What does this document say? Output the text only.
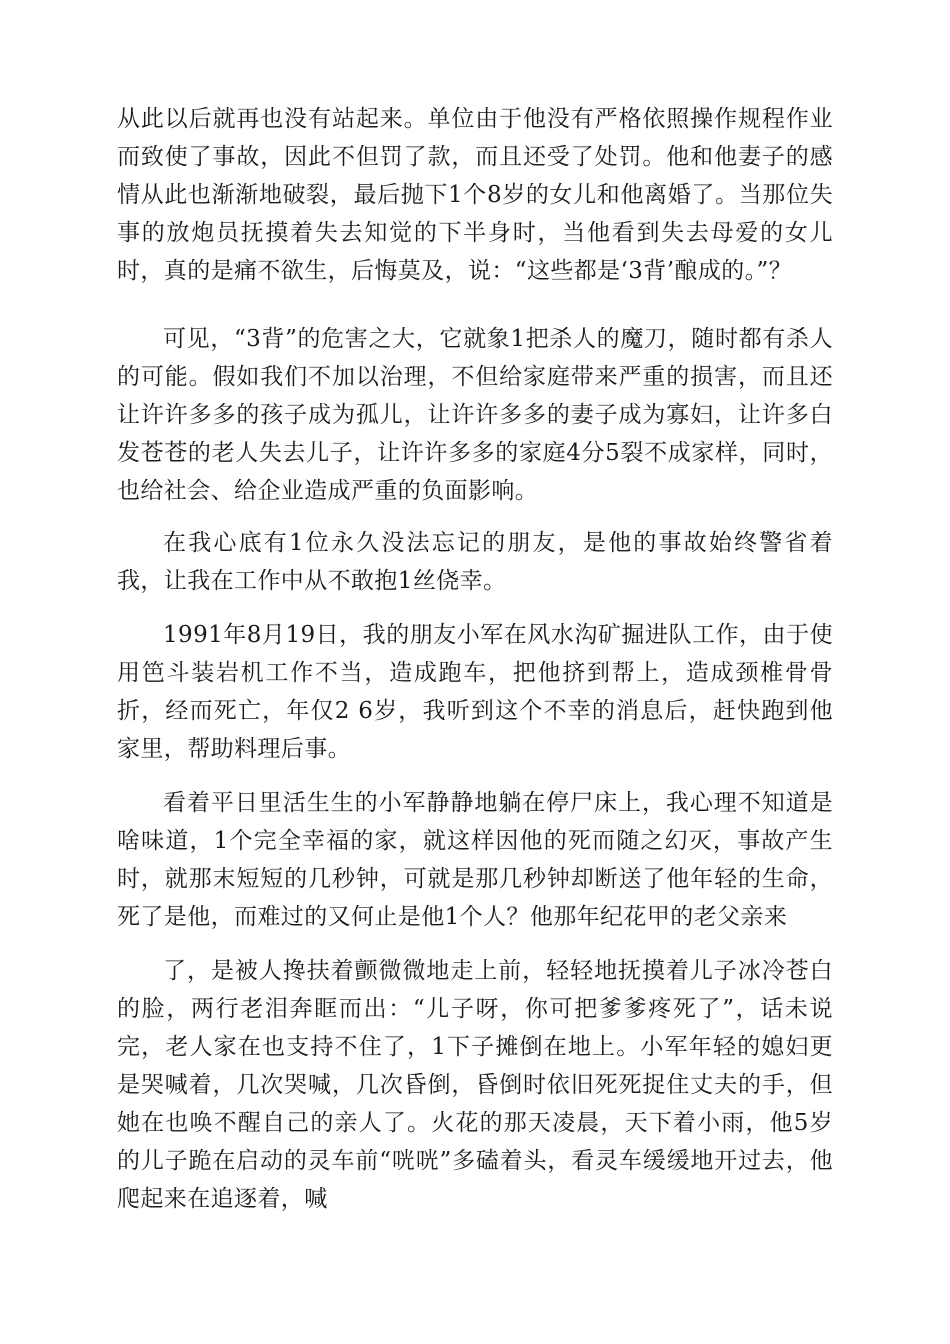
从此以后就再也没有站起来。单位由于他没有严格依照操作规程作业而致使了事故，因此不但罚了款，而且还受了处罚。他和他妻子的感情从此也渐渐地破裂，最后抛下1个8岁的女儿和他离婚了。当那位失事的放炮员抚摸着失去知觉的下半身时，当他看到失去母爱的女儿时，真的是痛不欲生，后悔莫及，说：“这些都是‘3背’酿成的。”？

可见，“3背”的危害之大，它就象1把杀人的魔刀，随时都有杀人的可能。假如我们不加以治理，不但给家庭带来严重的损害，而且还让许许多多的孩子成为孤儿，让许许多多的妻子成为寡妇，让许多白发苍苍的老人失去儿子，让许许多多的家庭4分5裂不成家样，同时，也给社会、给企业造成严重的负面影响。

在我心底有1位永久没法忘记的朋友，是他的事故始终警省着我，让我在工作中从不敢抱1丝侥幸。

1991年8月19日，我的朋友小军在风水沟矿掘进队工作，由于使用笆斗装岩机工作不当，造成跑车，把他挤到帮上，造成颈椎骨骨折，经而死亡，年仅2 6岁，我听到这个不幸的消息后，赶快跑到他家里，帮助料理后事。

看着平日里活生生的小军静静地躺在停尸床上，我心理不知道是啥味道，1个完全幸福的家，就这样因他的死而随之幻灭，事故产生时，就那末短短的几秒钟，可就是那几秒钟却断送了他年轻的生命，死了是他，而难过的又何止是他1个人？他那年纪花甲的老父亲来

了，是被人搀扶着颤微微地走上前，轻轻地抚摸着儿子冰冷苍白的脸，两行老泪奔眶而出：“儿子呀，你可把爹爹疼死了”，话未说完，老人家在也支持不住了，1下子摊倒在地上。小军年轻的媳妇更是哭喊着，几次哭喊，几次昏倒，昏倒时依旧死死捉住丈夫的手，但她在也唤不醒自己的亲人了。火花的那天凌晨，天下着小雨，他5岁的儿子跪在启动的灵车前“咣咣”多磕着头，看灵车缓缓地开过去，他爬起来在追逐着，喊
